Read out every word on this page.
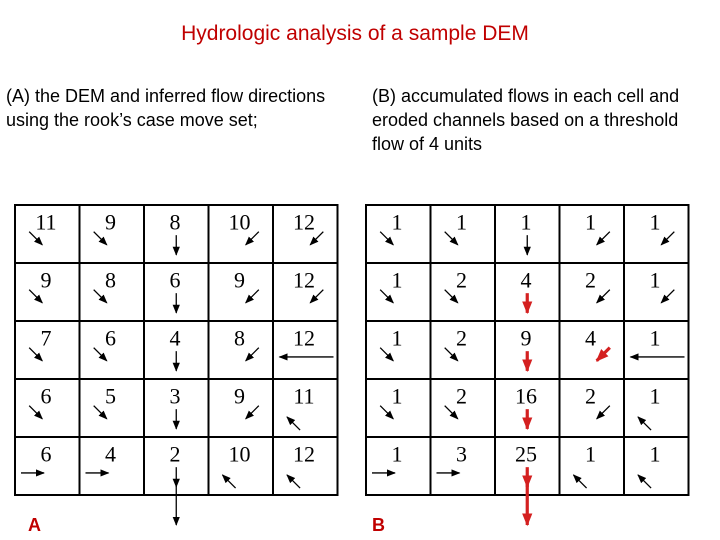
Hydrologic analysis of a sample DEM
(A) the DEM and inferred flow directions using the rook’s case move set;
(B) accumulated flows in each cell and eroded channels based on a threshold flow of 4 units
11 9 8 10 12
9 8 6 9 12
7 6 4 8 12
6 5 3 9 11
6 4 2 10 12
1 1 1 1 1
1 2 4 2 1
1 2 9 4 1
1 2 16 2 1
1 3 25 1 1
A	B
